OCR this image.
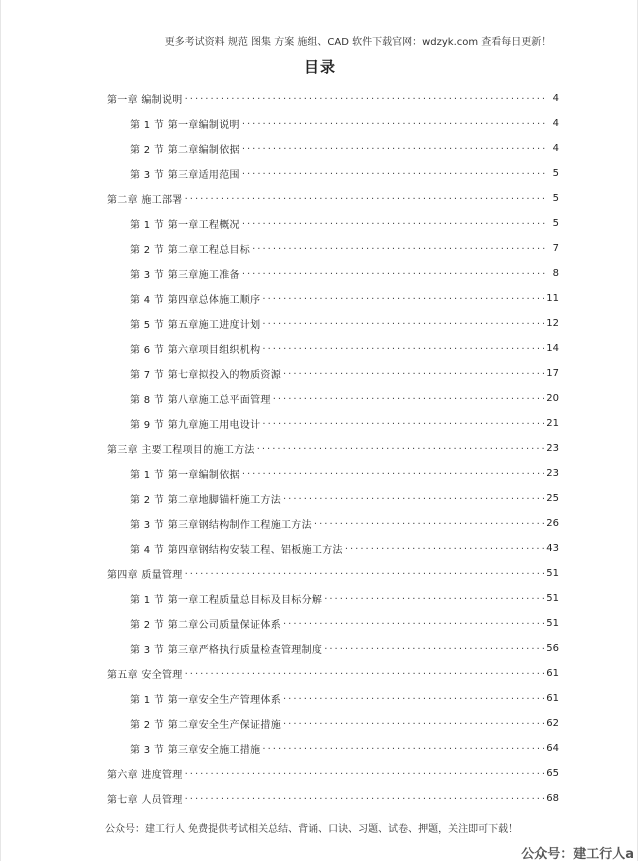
更多考试资料 规范 图集 方案 施组、CAD 软件下载官网：wdzyk.com 查看每日更新！
目录
第一章 编制说明 ·····	4
第 1 节 第一章编制说明 ·····	4
第 2 节 第二章编制依据 ·····	4
第 3 节 第三章适用范围 ·····	5
第二章 施工部署 ·····	5
第 1 节 第一章工程概况 ·····	5
第 2 节 第二章工程总目标 ·····	7
第 3 节 第三章施工准备 ·····	8
第 4 节 第四章总体施工顺序 ·····	11
第 5 节 第五章施工进度计划 ·····	12
第 6 节 第六章项目组织机构 ·····	14
第 7 节 第七章拟投入的物质资源 ·····	17
第 8 节 第八章施工总平面管理 ·····	20
第 9 节 第九章施工用电设计 ·····	21
第三章 主要工程项目的施工方法 ·····	23
第 1 节 第一章编制依据 ·····	23
第 2 节 第二章地脚锚杆施工方法 ·····	25
第 3 节 第三章钢结构制作工程施工方法 ·····	26
第 4 节 第四章钢结构安装工程、铝板施工方法 ·····	43
第四章 质量管理 ·····	51
第 1 节 第一章工程质量总目标及目标分解 ·····	51
第 2 节 第二章公司质量保证体系 ·····	51
第 3 节 第三章严格执行质量检查管理制度 ·····	56
第五章 安全管理 ·····	61
第 1 节 第一章安全生产管理体系 ·····	61
第 2 节 第二章安全生产保证措施 ·····	62
第 3 节 第三章安全施工措施 ·····	64
第六章 进度管理 ·····	65
第七章 人员管理 ·····	68
公众号：建工行人 免费提供考试相关总结、背诵、口诀、习题、试卷、押题，关注即可下载！
公众号：建工行人a
